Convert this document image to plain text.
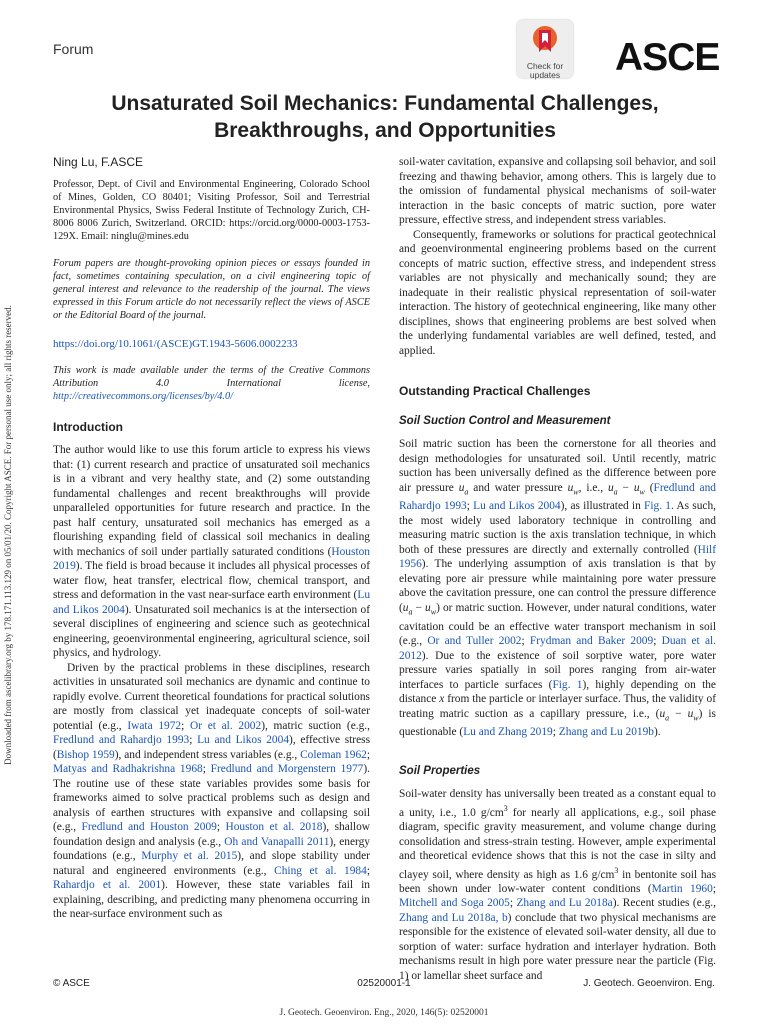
Forum
Check for updates	ASCE
Unsaturated Soil Mechanics: Fundamental Challenges, Breakthroughs, and Opportunities
Ning Lu, F.ASCE
Professor, Dept. of Civil and Environmental Engineering, Colorado School of Mines, Golden, CO 80401; Visiting Professor, Soil and Terrestrial Environmental Physics, Swiss Federal Institute of Technology Zurich, CH-8006 8006 Zurich, Switzerland. ORCID: https://orcid.org/0000-0003-1753-129X. Email: ninglu@mines.edu
Forum papers are thought-provoking opinion pieces or essays founded in fact, sometimes containing speculation, on a civil engineering topic of general interest and relevance to the readership of the journal. The views expressed in this Forum article do not necessarily reflect the views of ASCE or the Editorial Board of the journal.
https://doi.org/10.1061/(ASCE)GT.1943-5606.0002233
This work is made available under the terms of the Creative Commons Attribution 4.0 International license, http://creativecommons.org/licenses/by/4.0/
Introduction

The author would like to use this forum article to express his views that: (1) current research and practice of unsaturated soil mechanics is in a vibrant and very healthy state, and (2) some outstanding fundamental challenges and recent breakthroughs will provide unparalleled opportunities for future research and practice. In the past half century, unsaturated soil mechanics has emerged as a flourishing expanding field of classical soil mechanics in dealing with mechanics of soil under partially saturated conditions (Houston 2019). The field is broad because it includes all physical processes of water flow, heat transfer, electrical flow, chemical transport, and stress and deformation in the vast near-surface earth environment (Lu and Likos 2004). Unsaturated soil mechanics is at the intersection of several disciplines of engineering and science such as geotechnical engineering, geoenvironmental engineering, agricultural science, soil physics, and hydrology.

Driven by the practical problems in these disciplines, research activities in unsaturated soil mechanics are dynamic and continue to rapidly evolve. Current theoretical foundations for practical solutions are mostly from classical yet inadequate concepts of soil-water potential (e.g., Iwata 1972; Or et al. 2002), matric suction (e.g., Fredlund and Rahardjo 1993; Lu and Likos 2004), effective stress (Bishop 1959), and independent stress variables (e.g., Coleman 1962; Matyas and Radhakrishna 1968; Fredlund and Morgenstern 1977). The routine use of these state variables provides some basis for frameworks aimed to solve practical problems such as design and analysis of earthen structures with expansive and collapsing soil (e.g., Fredlund and Houston 2009; Houston et al. 2018), shallow foundation design and analysis (e.g., Oh and Vanapalli 2011), energy foundations (e.g., Murphy et al. 2015), and slope stability under natural and engineered environments (e.g., Ching et al. 1984; Rahardjo et al. 2001). However, these state variables fail in explaining, describing, and predicting many phenomena occurring in the near-surface environment such as

soil-water cavitation, expansive and collapsing soil behavior, and soil freezing and thawing behavior, among others. This is largely due to the omission of fundamental physical mechanisms of soil-water interaction in the basic concepts of matric suction, pore water pressure, effective stress, and independent stress variables.

Consequently, frameworks or solutions for practical geotechnical and geoenvironmental engineering problems based on the current concepts of matric suction, effective stress, and independent stress variables are not physically and mechanically sound; they are inadequate in their realistic physical representation of soil-water interaction. The history of geotechnical engineering, like many other disciplines, shows that engineering problems are best solved when the underlying fundamental variables are well defined, tested, and applied.

Outstanding Practical Challenges
Soil Suction Control and Measurement

Soil matric suction has been the cornerstone for all theories and design methodologies for unsaturated soil. Until recently, matric suction has been universally defined as the difference between pore air pressure $u_a$ and water pressure $u_w$, i.e., $u_a - u_w$ (Fredlund and Rahardjo 1993; Lu and Likos 2004), as illustrated in Fig. 1. As such, the most widely used laboratory technique in controlling and measuring matric suction is the axis translation technique, in which both of these pressures are directly and externally controlled (Hilf 1956). The underlying assumption of axis translation is that by elevating pore air pressure while maintaining pore water pressure above the cavitation pressure, one can control the pressure difference $(u_a - u_w)$ or matric suction. However, under natural conditions, water cavitation could be an effective water transport mechanism in soil (e.g., Or and Tuller 2002; Frydman and Baker 2009; Duan et al. 2012). Due to the existence of soil sorptive water, pore water pressure varies spatially in soil pores ranging from air-water interfaces to particle surfaces (Fig. 1), highly depending on the distance x from the particle or interlayer surface. Thus, the validity of treating matric suction as a capillary pressure, i.e., $(u_a - u_w)$ is questionable (Lu and Zhang 2019; Zhang and Lu 2019b).

Soil Properties

Soil-water density has universally been treated as a constant equal to a unity, i.e., 1.0 $g/cm^3$ for nearly all applications, e.g., soil phase diagram, specific gravity measurement, and volume change during consolidation and stress-strain testing. However, ample experimental and theoretical evidence shows that this is not the case in silty and clayey soil, where density as high as 1.6 $g/cm^3$ in bentonite soil has been shown under low-water content conditions (Martin 1960; Mitchell and Soga 2005; Zhang and Lu 2018a). Recent studies (e.g., Zhang and Lu 2018a, b) conclude that two physical mechanisms are responsible for the existence of elevated soil-water density, all due to sorption of water: surface hydration and interlayer hydration. Both mechanisms result in high pore water pressure near the particle (Fig. 1) or lamellar sheet surface and

Downloaded from ascelibrary.org by 178.171.113.129 on 05/01/20. Copyright ASCE. For personal use only; all rights reserved.
© ASCE	02520001-1	J. Geotech. Geoenviron. Eng.
J. Geotech. Geoenviron. Eng., 2020, 146(5): 02520001
